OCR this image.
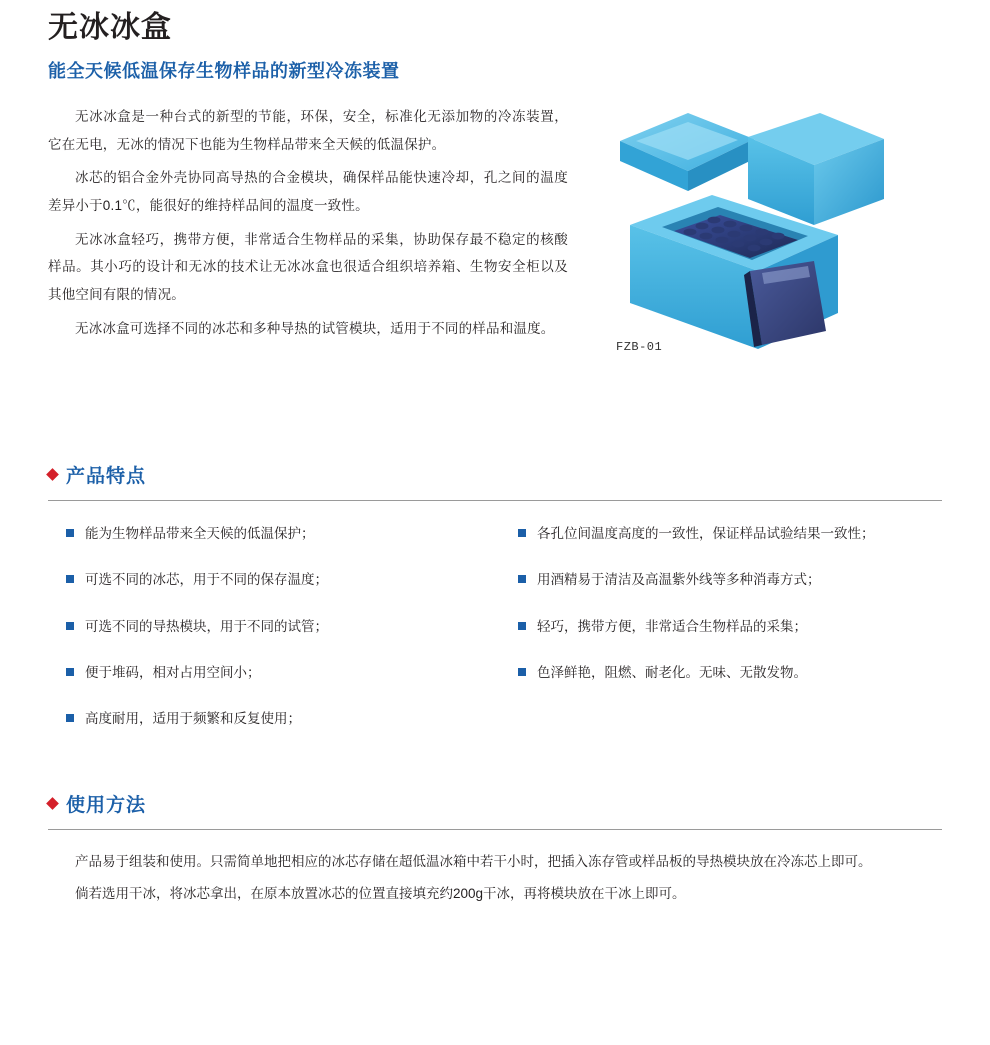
无冰冰盒
能全天候低温保存生物样品的新型冷冻装置

无冰冰盒是一种台式的新型的节能，环保，安全，标准化无添加物的冷冻装置，它在无电，无冰的情况下也能为生物样品带来全天候的低温保护。

冰芯的铝合金外壳协同高导热的合金模块，确保样品能快速冷却，孔之间的温度差异小于0.1℃，能很好的维持样品间的温度一致性。

无冰冰盒轻巧，携带方便，非常适合生物样品的采集，协助保存最不稳定的核酸样品。其小巧的设计和无冰的技术让无冰冰盒也很适合组织培养箱、生物安全柜以及其他空间有限的情况。

无冰冰盒可选择不同的冰芯和多种导热的试管模块，适用于不同的样品和温度。

FZB-01
产品特点
能为生物样品带来全天候的低温保护；
可选不同的冰芯，用于不同的保存温度；
可选不同的导热模块，用于不同的试管；
便于堆码，相对占用空间小；
高度耐用，适用于频繁和反复使用；
各孔位间温度高度的一致性，保证样品试验结果一致性；
用酒精易于清洁及高温紫外线等多种消毒方式；
轻巧，携带方便，非常适合生物样品的采集；
色泽鲜艳，阻燃、耐老化。无味、无散发物。
使用方法

产品易于组装和使用。只需简单地把相应的冰芯存储在超低温冰箱中若干小时，把插入冻存管或样品板的导热模块放在冷冻芯上即可。

倘若选用干冰，将冰芯拿出，在原本放置冰芯的位置直接填充约200g干冰，再将模块放在干冰上即可。
